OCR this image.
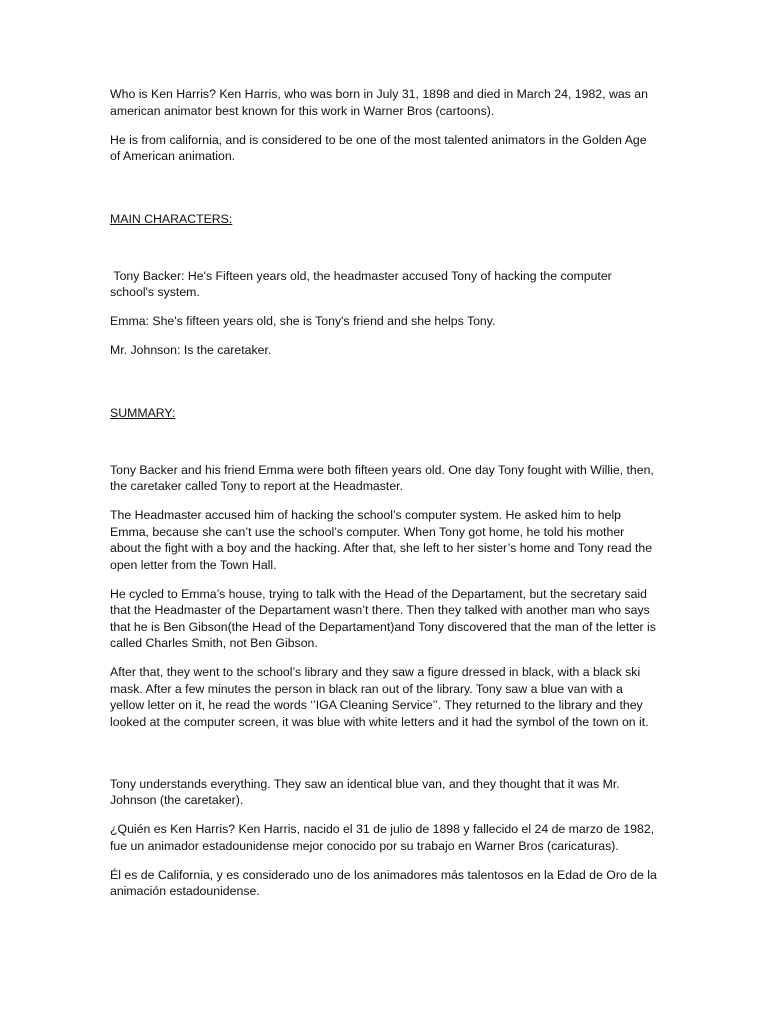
Who is Ken Harris? Ken Harris, who was born in July 31, 1898 and died in March 24, 1982, was an american animator best known for this work in Warner Bros (cartoons).

He is from california, and is considered to be one of the most talented animators in the Golden Age of American animation.

MAIN CHARACTERS:

Tony Backer: He's Fifteen years old, the headmaster accused Tony of hacking the computer school's system.

Emma: She's fifteen years old, she is Tony's friend and she helps Tony.

Mr. Johnson: Is the caretaker.

SUMMARY:

Tony Backer and his friend Emma were both fifteen years old. One day Tony fought with Willie, then, the caretaker called Tony to report at the Headmaster.

The Headmaster accused him of hacking the school’s computer system. He asked him to help Emma, because she can’t use the school’s computer. When Tony got home, he told his mother about the fight with a boy and the hacking. After that, she left to her sister’s home and Tony read the open letter from the Town Hall.

He cycled to Emma’s house, trying to talk with the Head of the Departament, but the secretary said that the Headmaster of the Departament wasn’t there. Then they talked with another man who says that he is Ben Gibson(the Head of the Departament)and Tony discovered that the man of the letter is called Charles Smith, not Ben Gibson.

After that, they went to the school’s library and they saw a figure dressed in black, with a black ski mask. After a few minutes the person in black ran out of the library. Tony saw a blue van with a yellow letter on it, he read the words ‘’IGA Cleaning Service’’. They returned to the library and they looked at the computer screen, it was blue with white letters and it had the symbol of the town on it.

Tony understands everything. They saw an identical blue van, and they thought that it was Mr. Johnson (the caretaker).

¿Quién es Ken Harris? Ken Harris, nacido el 31 de julio de 1898 y fallecido el 24 de marzo de 1982, fue un animador estadounidense mejor conocido por su trabajo en Warner Bros (caricaturas).

Él es de California, y es considerado uno de los animadores más talentosos en la Edad de Oro de la animación estadounidense.
